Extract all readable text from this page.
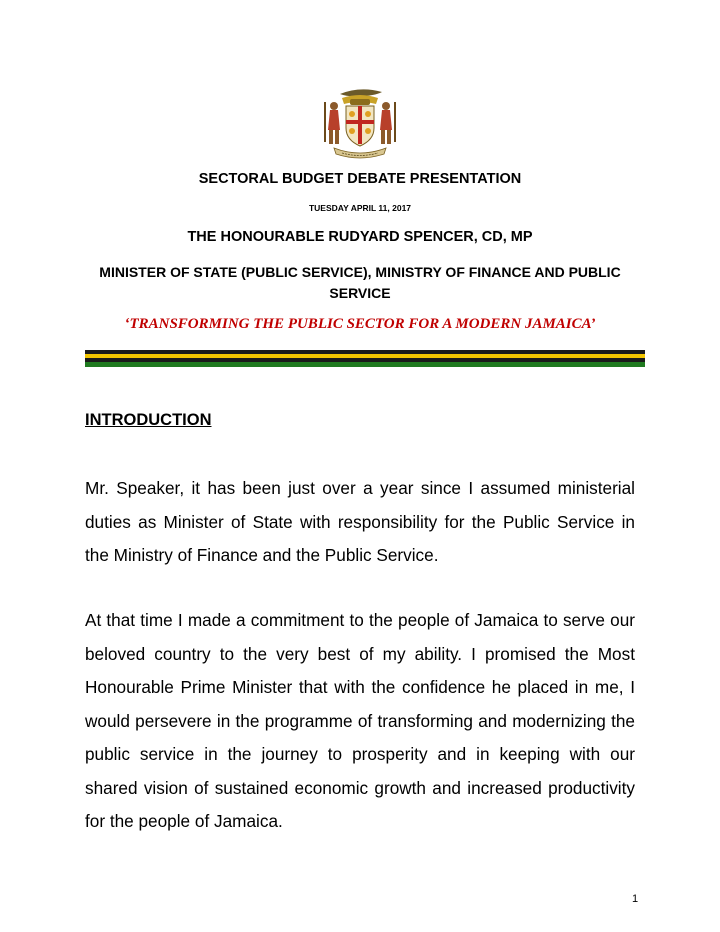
SECTORAL BUDGET DEBATE PRESENTATION
TUESDAY APRIL 11, 2017
THE HONOURABLE RUDYARD SPENCER, CD, MP
MINISTER OF STATE (PUBLIC SERVICE), MINISTRY OF FINANCE AND PUBLIC SERVICE
‘TRANSFORMING THE PUBLIC SECTOR FOR A MODERN JAMAICA’
INTRODUCTION

Mr. Speaker, it has been just over a year since I assumed ministerial duties as Minister of State with responsibility for the Public Service in the Ministry of Finance and the Public Service.

At that time I made a commitment to the people of Jamaica to serve our beloved country to the very best of my ability. I promised the Most Honourable Prime Minister that with the confidence he placed in me, I would persevere in the programme of transforming and modernizing the public service in the journey to prosperity and in keeping with our shared vision of sustained economic growth and increased productivity for the people of Jamaica.

1
